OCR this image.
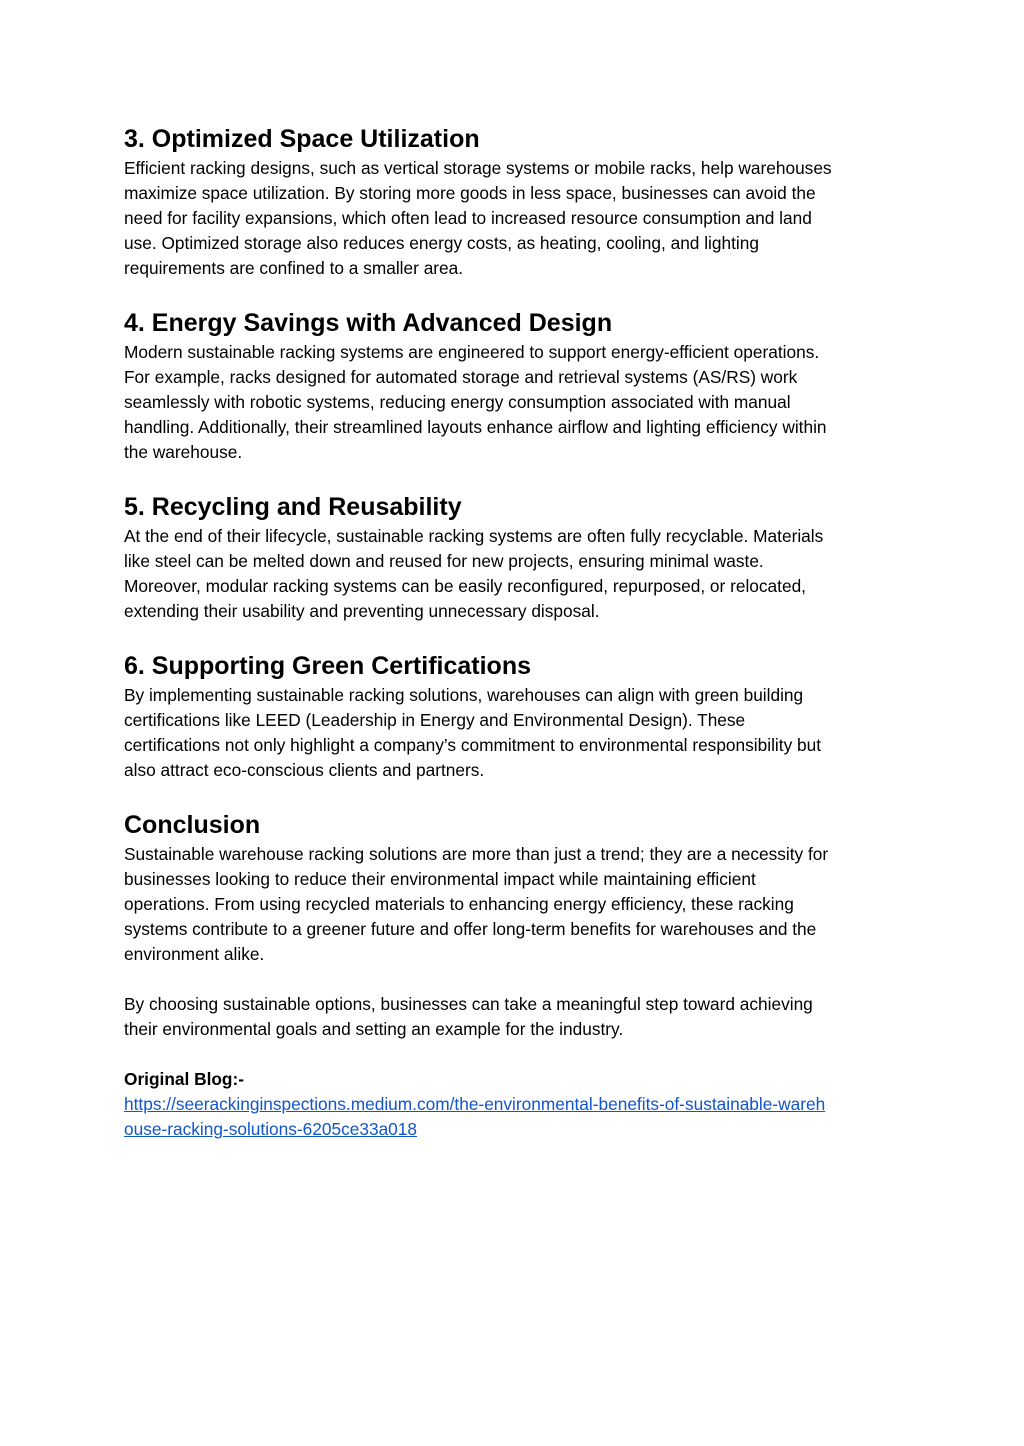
3. Optimized Space Utilization

Efficient racking designs, such as vertical storage systems or mobile racks, help warehouses
maximize space utilization. By storing more goods in less space, businesses can avoid the
need for facility expansions, which often lead to increased resource consumption and land
use. Optimized storage also reduces energy costs, as heating, cooling, and lighting
requirements are confined to a smaller area.

4. Energy Savings with Advanced Design

Modern sustainable racking systems are engineered to support energy-efficient operations.
For example, racks designed for automated storage and retrieval systems (AS/RS) work
seamlessly with robotic systems, reducing energy consumption associated with manual
handling. Additionally, their streamlined layouts enhance airflow and lighting efficiency within
the warehouse.

5. Recycling and Reusability

At the end of their lifecycle, sustainable racking systems are often fully recyclable. Materials
like steel can be melted down and reused for new projects, ensuring minimal waste.
Moreover, modular racking systems can be easily reconfigured, repurposed, or relocated,
extending their usability and preventing unnecessary disposal.

6. Supporting Green Certifications

By implementing sustainable racking solutions, warehouses can align with green building
certifications like LEED (Leadership in Energy and Environmental Design). These
certifications not only highlight a company’s commitment to environmental responsibility but
also attract eco-conscious clients and partners.

Conclusion

Sustainable warehouse racking solutions are more than just a trend; they are a necessity for
businesses looking to reduce their environmental impact while maintaining efficient
operations. From using recycled materials to enhancing energy efficiency, these racking
systems contribute to a greener future and offer long-term benefits for warehouses and the
environment alike.

By choosing sustainable options, businesses can take a meaningful step toward achieving
their environmental goals and setting an example for the industry.

Original Blog:-
https://seerackinginspections.medium.com/the-environmental-benefits-of-sustainable-wareh
ouse-racking-solutions-6205ce33a018
